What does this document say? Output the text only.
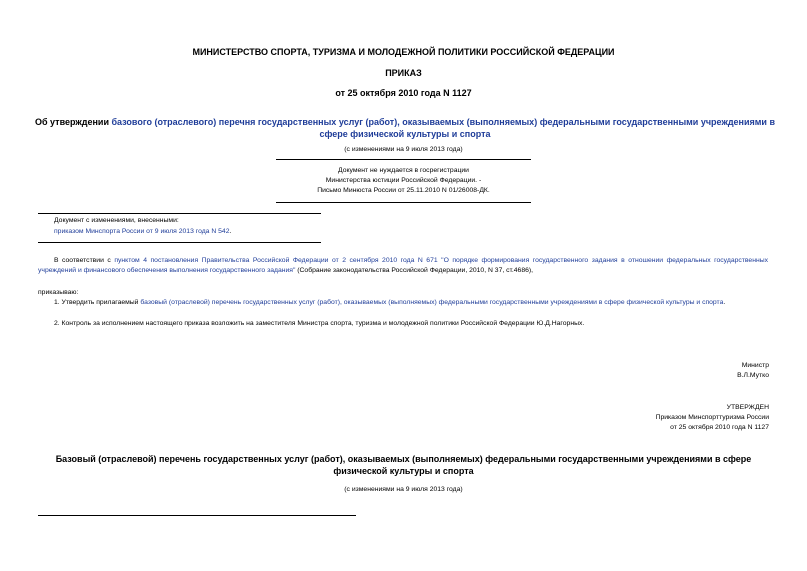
МИНИСТЕРСТВО СПОРТА, ТУРИЗМА И МОЛОДЕЖНОЙ ПОЛИТИКИ РОССИЙСКОЙ ФЕДЕРАЦИИ
ПРИКАЗ
от 25 октября 2010 года N 1127
Об утверждении базового (отраслевого) перечня государственных услуг (работ), оказываемых (выполняемых) федеральными государственными учреждениями в сфере физической культуры и спорта
(с изменениями на 9 июля 2013 года)
Документ не нуждается в госрегистрации
Министерства юстиции Российской Федерации. -
Письмо Минюста России от 25.11.2010 N 01/26008-ДК.
Документ с изменениями, внесенными:
приказом Минспорта России от 9 июля 2013 года N 542.
В соответствии с пунктом 4 постановления Правительства Российской Федерации от 2 сентября 2010 года N 671 "О порядке формирования государственного задания в отношении федеральных государственных учреждений и финансового обеспечения выполнения государственного задания" (Собрание законодательства Российской Федерации, 2010, N 37, ст.4686),
приказываю:
1. Утвердить прилагаемый базовый (отраслевой) перечень государственных услуг (работ), оказываемых (выполняемых) федеральными государственными учреждениями в сфере физической культуры и спорта.
2. Контроль за исполнением настоящего приказа возложить на заместителя Министра спорта, туризма и молодежной политики Российской Федерации Ю.Д.Нагорных.
Министр
В.Л.Мутко
УТВЕРЖДЕН
Приказом Минспорттуризма России
от 25 октября 2010 года N 1127
Базовый (отраслевой) перечень государственных услуг (работ), оказываемых (выполняемых) федеральными государственными учреждениями в сфере физической культуры и спорта
(с изменениями на 9 июля 2013 года)
